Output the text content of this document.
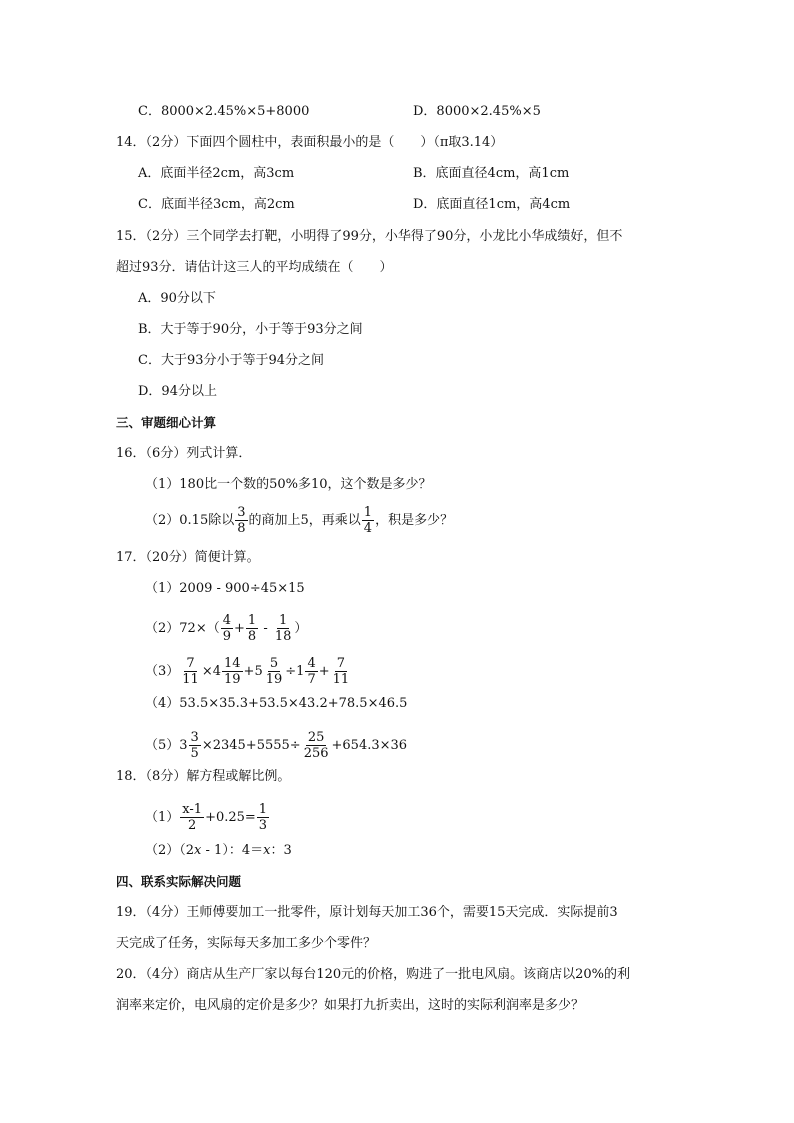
C．8000×2.45%×5+8000	D．8000×2.45%×5
14．（2分）下面四个圆柱中，表面积最小的是（　　）（π取3.14）
A．底面半径2cm，高3cm	B．底面直径4cm，高1cm
C．底面半径3cm，高2cm	D．底面直径1cm，高4cm
15．（2分）三个同学去打靶，小明得了99分，小华得了90分，小龙比小华成绩好，但不
超过93分．请估计这三人的平均成绩在（　　）
A．90分以下
B．大于等于90分，小于等于93分之间
C．大于93分小于等于94分之间
D．94分以上
三、审题细心计算
16．（6分）列式计算．
（1）180比一个数的50%多10，这个数是多少？
（2）0.15除以 $\frac{3}{8}$ 的商加上5，再乘以 $\frac{1}{4}$ ，积是多少？
17．（20分）简便计算。
（1）2009 - 900÷45×15
$(2)72\times( \frac{4}{9} + \frac{1}{8} - \frac{1}{18}$ ）
$(3) \frac{7}{11} \times 4 \frac{14}{19} +5 \frac{5}{19} \div 1 \frac{4}{7} + \frac{7}{11}$
（4）53.5×35.3+53.5×43.2+78.5×46.5
$(5)3 \frac{3}{5} \times 2345+5555\div \frac{25}{256} +654.3\times 36$
18．（8分）解方程或解比例。
$(1) \frac{x-1}{2} +0.25= \frac{1}{3}$
（2）（2x - 1）：4＝x：3
四、联系实际解决问题
19．（4分）王师傅要加工一批零件，原计划每天加工36个，需要15天完成．实际提前3
天完成了任务，实际每天多加工多少个零件？
20．（4分）商店从生产厂家以每台120元的价格，购进了一批电风扇。该商店以20%的利
润率来定价，电风扇的定价是多少？如果打九折卖出，这时的实际利润率是多少？
